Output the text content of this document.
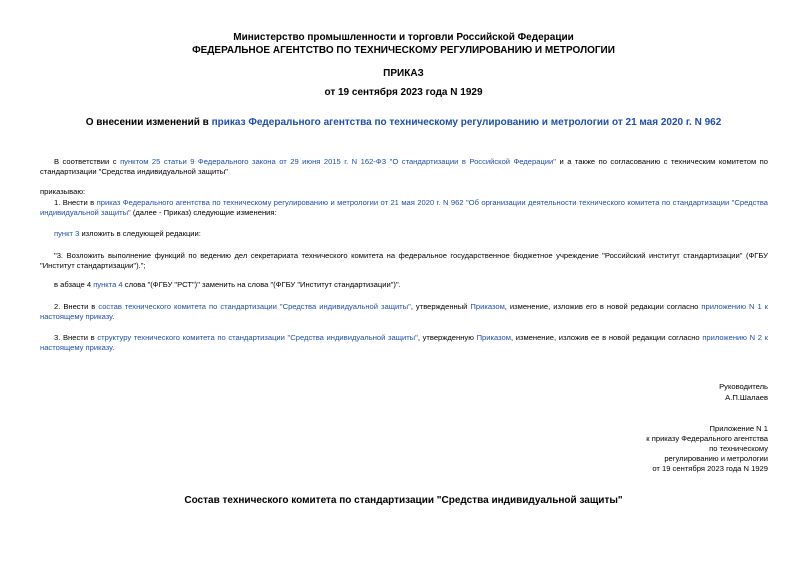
Министерство промышленности и торговли Российской Федерации
ФЕДЕРАЛЬНОЕ АГЕНТСТВО ПО ТЕХНИЧЕСКОМУ РЕГУЛИРОВАНИЮ И МЕТРОЛОГИИ
ПРИКАЗ
от 19 сентября 2023 года N 1929
О внесении изменений в приказ Федерального агентства по техническому регулированию и метрологии от 21 мая 2020 г. N 962
В соответствии с пунктом 25 статьи 9 Федерального закона от 29 июня 2015 г. N 162-ФЗ "О стандартизации в Российской Федерации" и а также по согласованию с техническим комитетом по стандартизации "Средства индивидуальной защиты"
приказываю:
1. Внести в приказ Федерального агентства по техническому регулированию и метрологии от 21 мая 2020 г. N 962 "Об организации деятельности технического комитета по стандартизации "Средства индивидуальной защиты" (далее - Приказ) следующие изменения:
пункт 3 изложить в следующей редакции:
"3. Возложить выполнение функций по ведению дел секретариата технического комитета на федеральное государственное бюджетное учреждение "Российский институт стандартизации" (ФГБУ "Институт стандартизации").";
в абзаце 4 пункта 4 слова "(ФГБУ "РСТ")" заменить на слова "(ФГБУ "Институт стандартизации")".
2. Внести в состав технического комитета по стандартизации "Средства индивидуальной защиты", утвержденный Приказом, изменение, изложив его в новой редакции согласно приложению N 1 к настоящему приказу.
3. Внести в структуру технического комитета по стандартизации "Средства индивидуальной защиты", утвержденную Приказом, изменение, изложив ее в новой редакции согласно приложению N 2 к настоящему приказу.
Руководитель
А.П.Шалаев
Приложение N 1
к приказу Федерального агентства
по техническому
регулированию и метрологии
от 19 сентября 2023 года N 1929
Состав технического комитета по стандартизации "Средства индивидуальной защиты"
